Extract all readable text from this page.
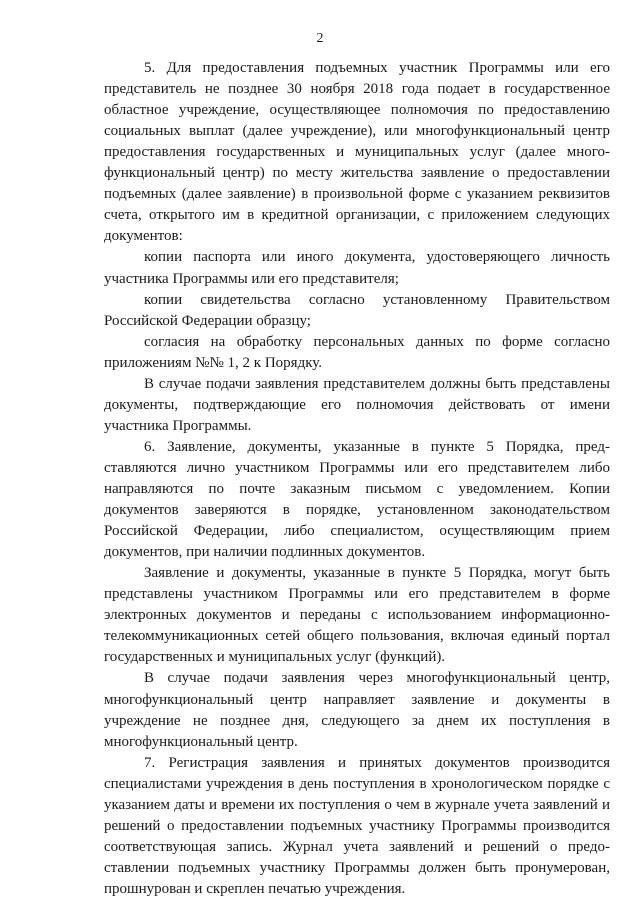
2
5. Для предоставления подъемных участник Программы или его
представитель не позднее 30 ноября 2018 года подает в государственное
областное учреждение, осуществляющее полномочия по предоставлению
социальных выплат (далее учреждение), или многофункциональный центр
предоставления государственных и муниципальных услуг (далее много-
функциональный центр) по месту жительства заявление о предоставлении
подъемных (далее заявление) в произвольной форме с указанием реквизитов
счета, открытого им в кредитной организации, с приложением следующих
документов:
копии паспорта или иного документа, удостоверяющего личность
участника Программы или его представителя;
копии свидетельства согласно установленному Правительством
Российской Федерации образцу;
согласия на обработку персональных данных по форме согласно
приложениям №№ 1, 2 к Порядку.
В случае подачи заявления представителем должны быть представлены
документы, подтверждающие его полномочия действовать от имени
участника Программы.
6. Заявление, документы, указанные в пункте 5 Порядка, пред-
ставляются лично участником Программы или его представителем либо
направляются по почте заказным письмом с уведомлением. Копии
документов заверяются в порядке, установленном законодательством
Российской Федерации, либо специалистом, осуществляющим прием
документов, при наличии подлинных документов.
Заявление и документы, указанные в пункте 5 Порядка, могут быть
представлены участником Программы или его представителем в форме
электронных документов и переданы с использованием информационно-
телекоммуникационных сетей общего пользования, включая единый портал
государственных и муниципальных услуг (функций).
В случае подачи заявления через многофункциональный центр,
многофункциональный центр направляет заявление и документы в
учреждение не позднее дня, следующего за днем их поступления в
многофункциональный центр.
7. Регистрация заявления и принятых документов производится
специалистами учреждения в день поступления в хронологическом порядке с
указанием даты и времени их поступления о чем в журнале учета заявлений и
решений о предоставлении подъемных участнику Программы производится
соответствующая запись. Журнал учета заявлений и решений о предо-
ставлении подъемных участнику Программы должен быть пронумерован,
прошнурован и скреплен печатью учреждения.
